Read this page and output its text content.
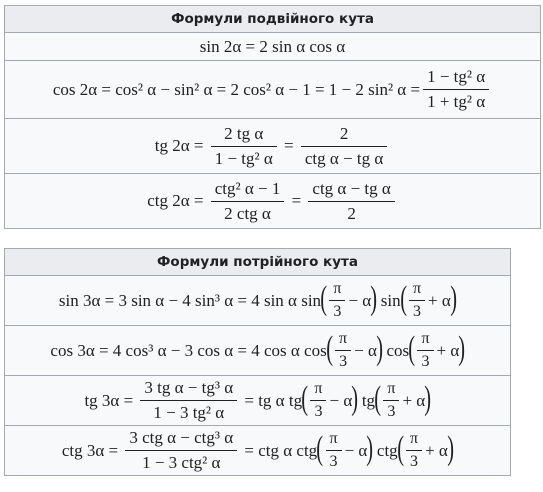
Формули подвійного кута
sin 2α = 2 sin α cos α
cos 2α = cos² α − sin² α = 2 cos² α − 1 = 1 − 2 sin² $\alpha = \frac{\text{1 − tg² α}}{\text{1 + tg² α}}$

tg $2\alpha = \frac{\text{2 tg α}}{\text{1 − tg² α}} = \frac{2}{\text{ctg α − tg α}}$

ctg $2\alpha = \frac{\text{ctg² α − 1}}{\text{2 ctg α}} = \frac{\text{ctg α − tg α}}{2}$
Формули потрійного кута
sin 3α = 3 sin α − 4 sin³ α = 4 sin α $\sin( \frac{\pi}{3} - \alpha)$ $\sin( \frac{\pi}{3} + \alpha)$
cos 3α = 4 cos³ α − 3 cos α = 4 cos α $\cos( \frac{\pi}{3} - \alpha)$ $\cos( \frac{\pi}{3} + \alpha)$
tg $3\alpha = \frac{\text{3 tg α − tg³ α}}{\text{1 − 3 tg² α}}$ = tg α $tg( \frac{\pi}{3} - \alpha)$ $tg( \frac{\pi}{3} + \alpha)$
ctg $3\alpha = \frac{\text{3 ctg α − ctg³ α}}{\text{1 − 3 ctg² α}}$ = ctg α $ctg( \frac{\pi}{3} - \alpha)$ $ctg( \frac{\pi}{3} + \alpha)$
